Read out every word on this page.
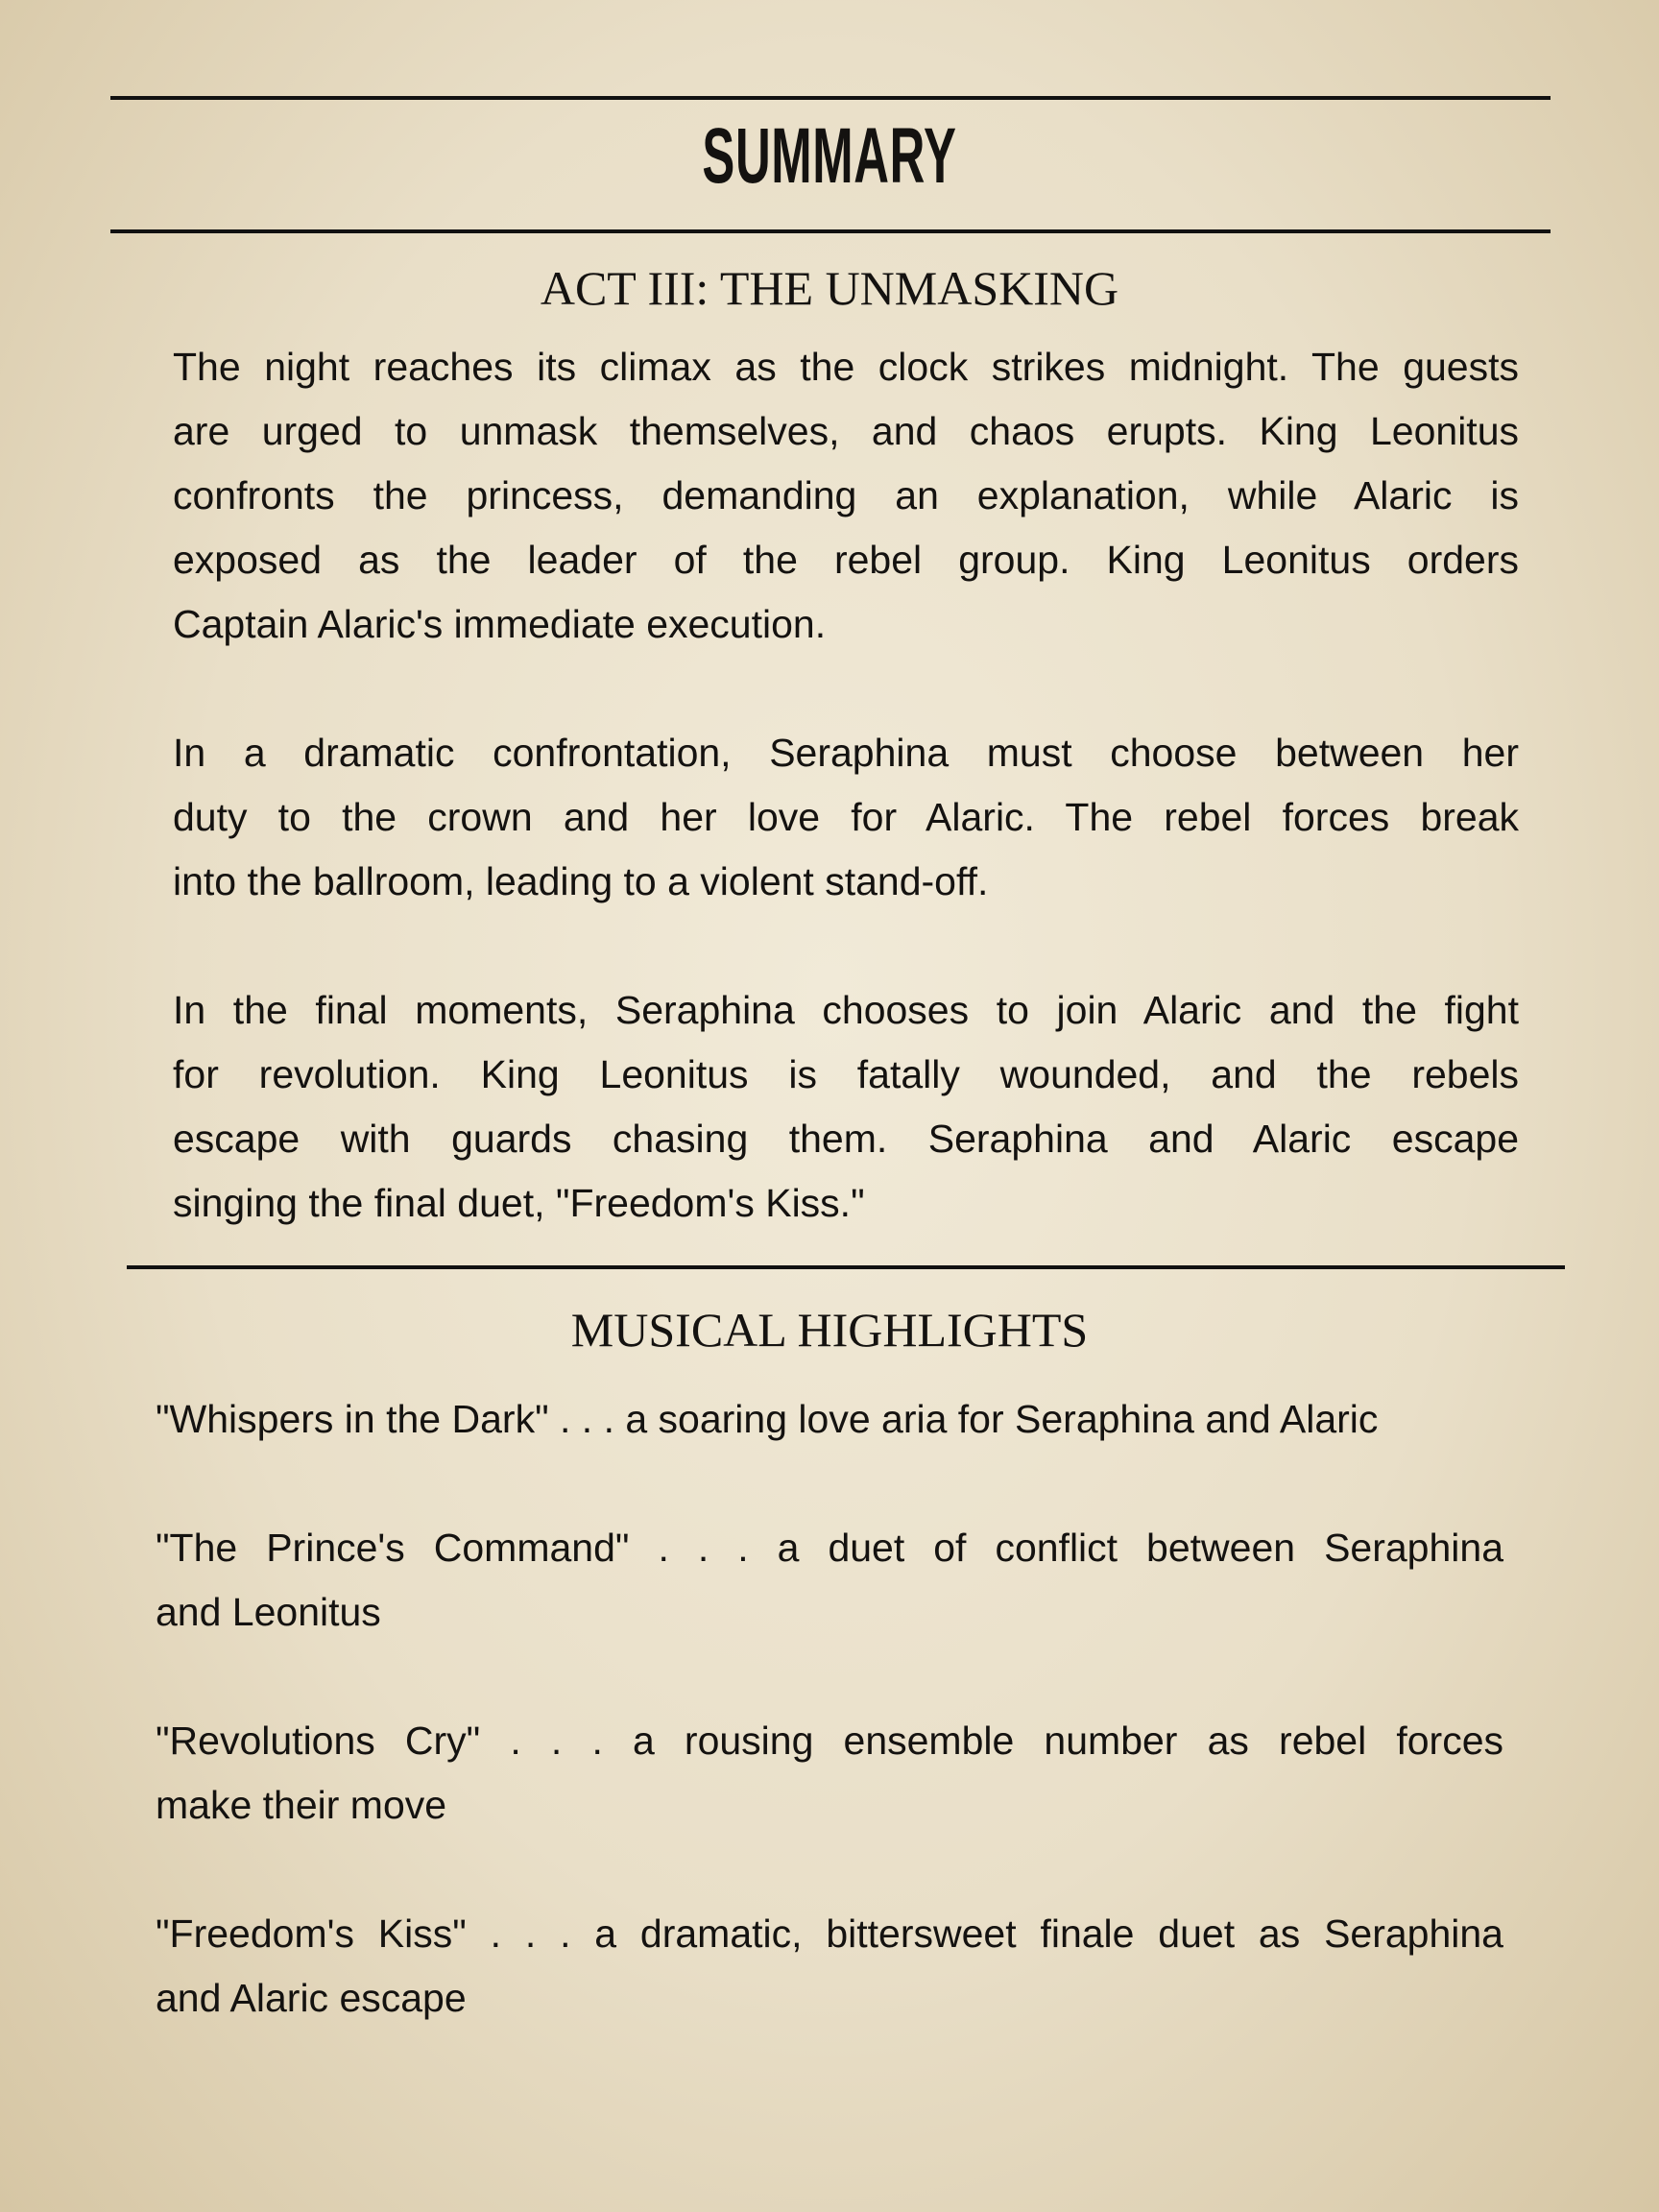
SUMMARY
ACT III: THE UNMASKING
The night reaches its climax as the clock strikes midnight. The guests
are urged to unmask themselves, and chaos erupts. King Leonitus
confronts the princess, demanding an explanation, while Alaric is
exposed as the leader of the rebel group. King Leonitus orders
Captain Alaric's immediate execution.
In a dramatic confrontation, Seraphina must choose between her
duty to the crown and her love for Alaric. The rebel forces break
into the ballroom, leading to a violent stand-off.
In the final moments, Seraphina chooses to join Alaric and the fight
for revolution. King Leonitus is fatally wounded, and the rebels
escape with guards chasing them. Seraphina and Alaric escape
singing the final duet, "Freedom's Kiss."
MUSICAL HIGHLIGHTS
"Whispers in the Dark" . . . a soaring love aria for Seraphina and Alaric
"The Prince's Command" . . . a duet of conflict between Seraphina
and Leonitus
"Revolutions Cry" . . . a rousing ensemble number as rebel forces
make their move
"Freedom's Kiss" . . . a dramatic, bittersweet finale duet as Seraphina
and Alaric escape
